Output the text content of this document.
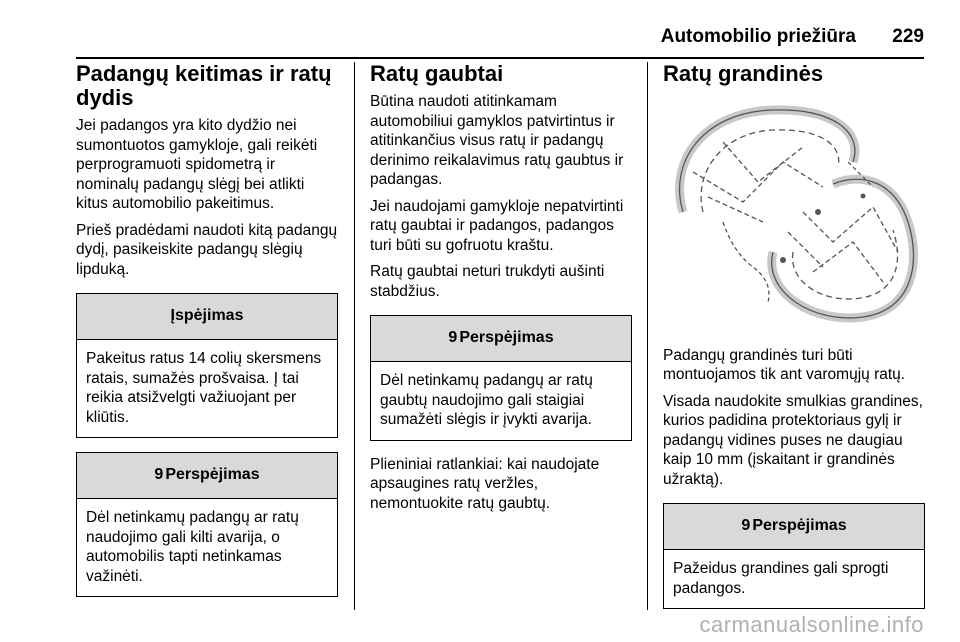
Automobilio priežiūra 229
Padangų keitimas ir ratų dydis

Jei padangos yra kito dydžio nei sumontuotos gamykloje, gali reikėti perprogramuoti spidometrą ir nominalų padangų slėgį bei atlikti kitus automobilio pakeitimus.

Prieš pradėdami naudoti kitą padangų dydį, pasikeiskite padangų slėgių lipduką.

Įspėjimas
Pakeitus ratus 14 colių skersmens ratais, sumažės prošvaisa. Į tai reikia atsižvelgti važiuojant per kliūtis.
9 Perspėjimas
Dėl netinkamų padangų ar ratų naudojimo gali kilti avarija, o automobilis tapti netinkamas važinėti.
Ratų gaubtai

Būtina naudoti atitinkamam automobiliui gamyklos patvirtintus ir atitinkančius visus ratų ir padangų derinimo reikalavimus ratų gaubtus ir padangas.

Jei naudojami gamykloje nepatvirtinti ratų gaubtai ir padangos, padangos turi būti su gofruotu kraštu.

Ratų gaubtai neturi trukdyti aušinti stabdžius.

9 Perspėjimas
Dėl netinkamų padangų ar ratų gaubtų naudojimo gali staigiai sumažėti slėgis ir įvykti avarija.

Plieniniai ratlankiai: kai naudojate apsaugines ratų veržles, nemontuokite ratų gaubtų.

Ratų grandinės

Padangų grandinės turi būti montuojamos tik ant varomųjų ratų.

Visada naudokite smulkias grandines, kurios padidina protektoriaus gylį ir padangų vidines puses ne daugiau kaip 10 mm (įskaitant ir grandinės užraktą).

9 Perspėjimas
Pažeidus grandines gali sprogti padangos.
carmanualsonline.info
